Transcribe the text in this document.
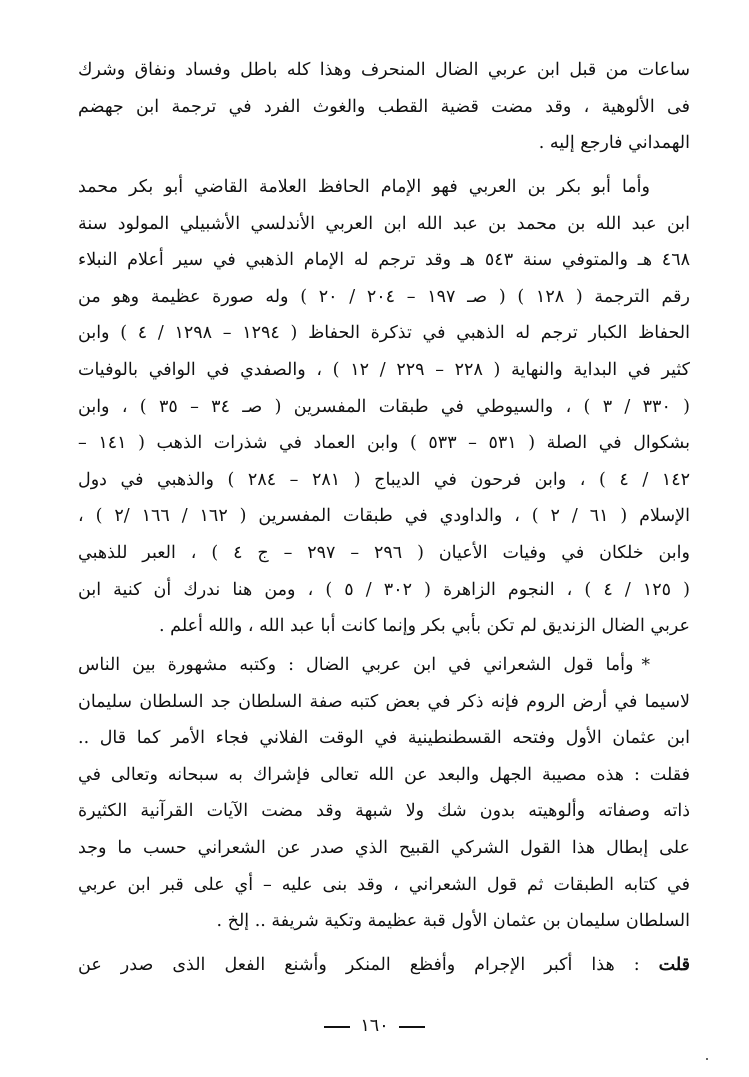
ساعات من قبل ابن عربي الضال المنحرف وهذا كله باطل وفساد ونفاق وشرك
فى الألوهية ، وقد مضت قضية القطب والغوث الفرد في ترجمة ابن جهضم
الهمداني فارجع إليه .
وأما أبو بكر بن العربي فهو الإمام الحافظ العلامة القاضي أبو بكر محمد
ابن عبد الله بن محمد بن عبد الله ابن العربي الأندلسي الأشبيلي المولود سنة
٤٦٨ هـ والمتوفي سنة ٥٤٣ هـ وقد ترجم له الإمام الذهبي في سير أعلام النبلاء
رقم الترجمة ( ١٢٨ ) ( صـ ١٩٧ – ٢٠٤ / ٢٠ ) وله صورة عظيمة وهو من
الحفاظ الكبار ترجم له الذهبي في تذكرة الحفاظ ( ١٢٩٤ – ١٢٩٨ / ٤ ) وابن
كثير في البداية والنهاية ( ٢٢٨ – ٢٢٩ / ١٢ ) ، والصفدي في الوافي بالوفيات
( ٣٣٠ / ٣ ) ، والسيوطي في طبقات المفسرين ( صـ ٣٤ – ٣٥ ) ، وابن
بشكوال في الصلة ( ٥٣١ – ٥٣٣ ) وابن العماد في شذرات الذهب ( ١٤١ –
١٤٢ / ٤ ) ، وابن فرحون في الديباج ( ٢٨١ – ٢٨٤ ) والذهبي في دول
الإسلام ( ٦١ / ٢ ) ، والداودي في طبقات المفسرين ( ١٦٢ / ١٦٦ /٢ ) ،
وابن خلكان في وفيات الأعيان ( ٢٩٦ – ٢٩٧ – ج ٤ ) ، العبر للذهبي
( ١٢٥ / ٤ ) ، النجوم الزاهرة ( ٣٠٢ / ٥ ) ، ومن هنا ندرك أن كنية ابن
عربي الضال الزنديق لم تكن بأبي بكر وإنما كانت أبا عبد الله ، والله أعلم .
*وأما قول الشعراني في ابن عربي الضال : وكتبه مشهورة بين الناس
لاسيما في أرض الروم فإنه ذكر في بعض كتبه صفة السلطان جد السلطان سليمان
ابن عثمان الأول وفتحه القسطنطينية في الوقت الفلاني فجاء الأمر كما قال ..
فقلت : هذه مصيبة الجهل والبعد عن الله تعالى فإشراك به سبحانه وتعالى في
ذاته وصفاته وألوهيته بدون شك ولا شبهة وقد مضت الآيات القرآنية الكثيرة
على إبطال هذا القول الشركي القبيح الذي صدر عن الشعراني حسب ما وجد
في كتابه الطبقات ثم قول الشعراني ، وقد بنى عليه – أي على قبر ابن عربي
السلطان سليمان بن عثمان الأول قبة عظيمة وتكية شريفة .. إلخ .
قلت : هذا أكبر الإجرام وأفظع المنكر وأشنع الفعل الذى صدر عن
١٦٠
